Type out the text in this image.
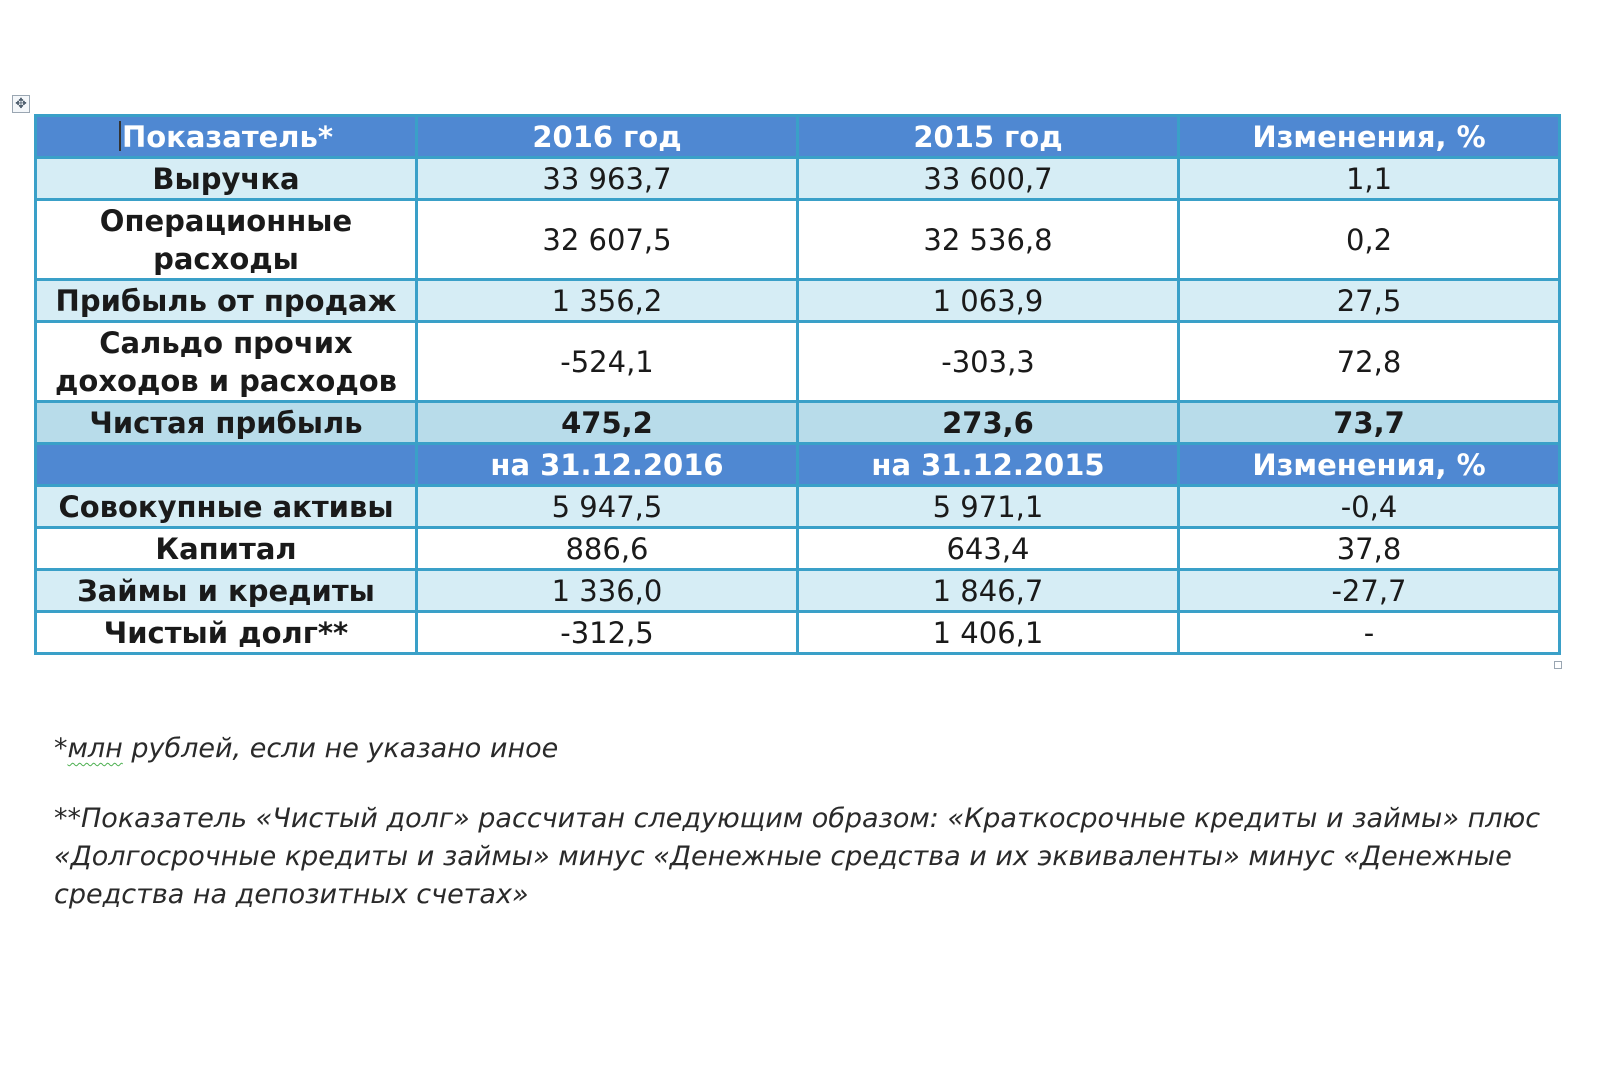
✥
Показатель*	2016 год	2015 год	Изменения, %
Выручка	33 963,7	33 600,7	1,1
Операционные расходы	32 607,5	32 536,8	0,2
Прибыль от продаж	1 356,2	1 063,9	27,5
Сальдо прочих доходов и расходов	-524,1	-303,3	72,8
Чистая прибыль	475,2	273,6	73,7
	на 31.12.2016	на 31.12.2015	Изменения, %
Совокупные активы	5 947,5	5 971,1	-0,4
Капитал	886,6	643,4	37,8
Займы и кредиты	1 336,0	1 846,7	-27,7
Чистый долг**	-312,5	1 406,1	-
*млн рублей, если не указано иное
**Показатель «Чистый долг» рассчитан следующим образом: «Краткосрочные кредиты и займы» плюс «Долгосрочные кредиты и займы» минус «Денежные средства и их эквиваленты» минус «Денежные средства на депозитных счетах»
